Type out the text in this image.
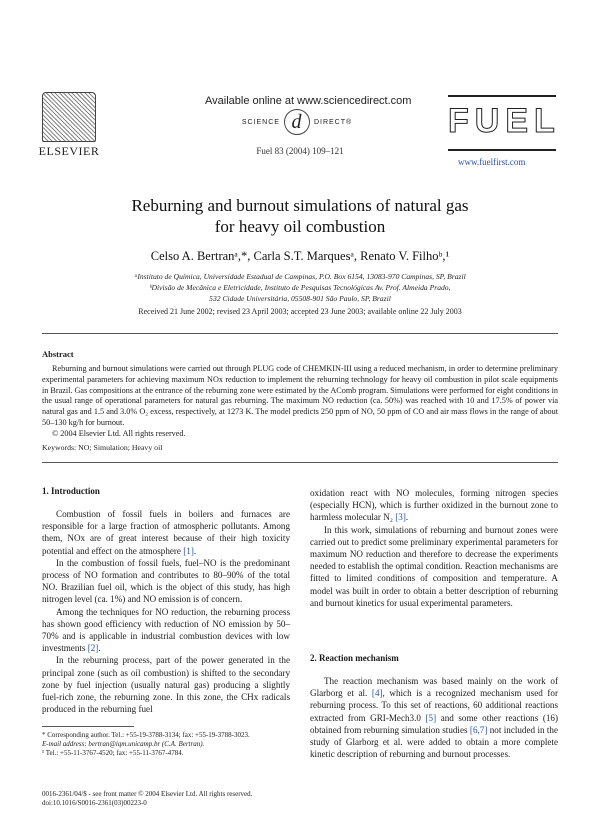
ELSEVIER
Available online at www.sciencedirect.com
SCIENCE d	DIRECT®
Fuel 83 (2004) 109–121
FUEL
www.fuelfirst.com
Reburning and burnout simulations of natural gas
for heavy oil combustion
Celso A. Bertranᵃ,*, Carla S.T. Marquesᵃ, Renato V. Filhoᵇ,¹
ᵃInstituto de Química, Universidade Estadual de Campinas, P.O. Box 6154, 13083-970 Campinas, SP, Brazil
ᵇDivisão de Mecânica e Eletricidade, Instituto de Pesquisas Tecnológicas Av. Prof. Almeida Prado,
532 Cidade Universitária, 05508-901 São Paulo, SP, Brazil
Received 21 June 2002; revised 23 April 2003; accepted 23 June 2003; available online 22 July 2003
Abstract

Reburning and burnout simulations were carried out through PLUG code of CHEMKIN-III using a reduced mechanism, in order to determine preliminary experimental parameters for achieving maximum NOx reduction to implement the reburning technology for heavy oil combustion in pilot scale equipments in Brazil. Gas compositions at the entrance of the reburning zone were estimated by the AComb program. Simulations were performed for eight conditions in the usual range of operational parameters for natural gas reburning. The maximum NO reduction (ca. 50%) was reached with 10 and 17.5% of power via natural gas and 1.5 and 3.0% O₂ excess, respectively, at 1273 K. The model predicts 250 ppm of NO, 50 ppm of CO and air mass flows in the range of about 50–130 kg/h for burnout.

© 2004 Elsevier Ltd. All rights reserved.

Keywords: NO; Simulation; Heavy oil
1. Introduction

Combustion of fossil fuels in boilers and furnaces are responsible for a large fraction of atmospheric pollutants. Among them, NOx are of great interest because of their high toxicity potential and effect on the atmosphere [1].

In the combustion of fossil fuels, fuel–NO is the predominant process of NO formation and contributes to 80–90% of the total NO. Brazilian fuel oil, which is the object of this study, has high nitrogen level (ca. 1%) and NO emission is of concern.

Among the techniques for NO reduction, the reburning process has shown good efficiency with reduction of NO emission by 50–70% and is applicable in industrial combustion devices with low investments [2].

In the reburning process, part of the power generated in the principal zone (such as oil combustion) is shifted to the secondary zone by fuel injection (usually natural gas) producing a slightly fuel-rich zone, the reburning zone. In this zone, the CHx radicals produced in the reburning fuel

oxidation react with NO molecules, forming nitrogen species (especially HCN), which is further oxidized in the burnout zone to harmless molecular N₂ [3].

In this work, simulations of reburning and burnout zones were carried out to predict some preliminary experimental parameters for maximum NO reduction and therefore to decrease the experiments needed to establish the optimal condition. Reaction mechanisms are fitted to limited conditions of composition and temperature. A model was built in order to obtain a better description of reburning and burnout kinetics for usual experimental parameters.

2. Reaction mechanism

The reaction mechanism was based mainly on the work of Glarborg et al. [4], which is a recognized mechanism used for reburning process. To this set of reactions, 60 additional reactions extracted from GRI-Mech3.0 [5] and some other reactions (16) obtained from reburning simulation studies [6,7] not included in the study of Glarborg et al. were added to obtain a more complete kinetic description of reburning and burnout processes.

* Corresponding author. Tel.: +55-19-3788-3134; fax: +55-19-3788-3023.
E-mail address: bertran@iqm.unicamp.br (C.A. Bertran).
¹ Tel.: +55-11-3767-4520; fax: +55-11-3767-4784.
0016-2361/04/$ - see front matter © 2004 Elsevier Ltd. All rights reserved.
doi:10.1016/S0016-2361(03)00223-0
